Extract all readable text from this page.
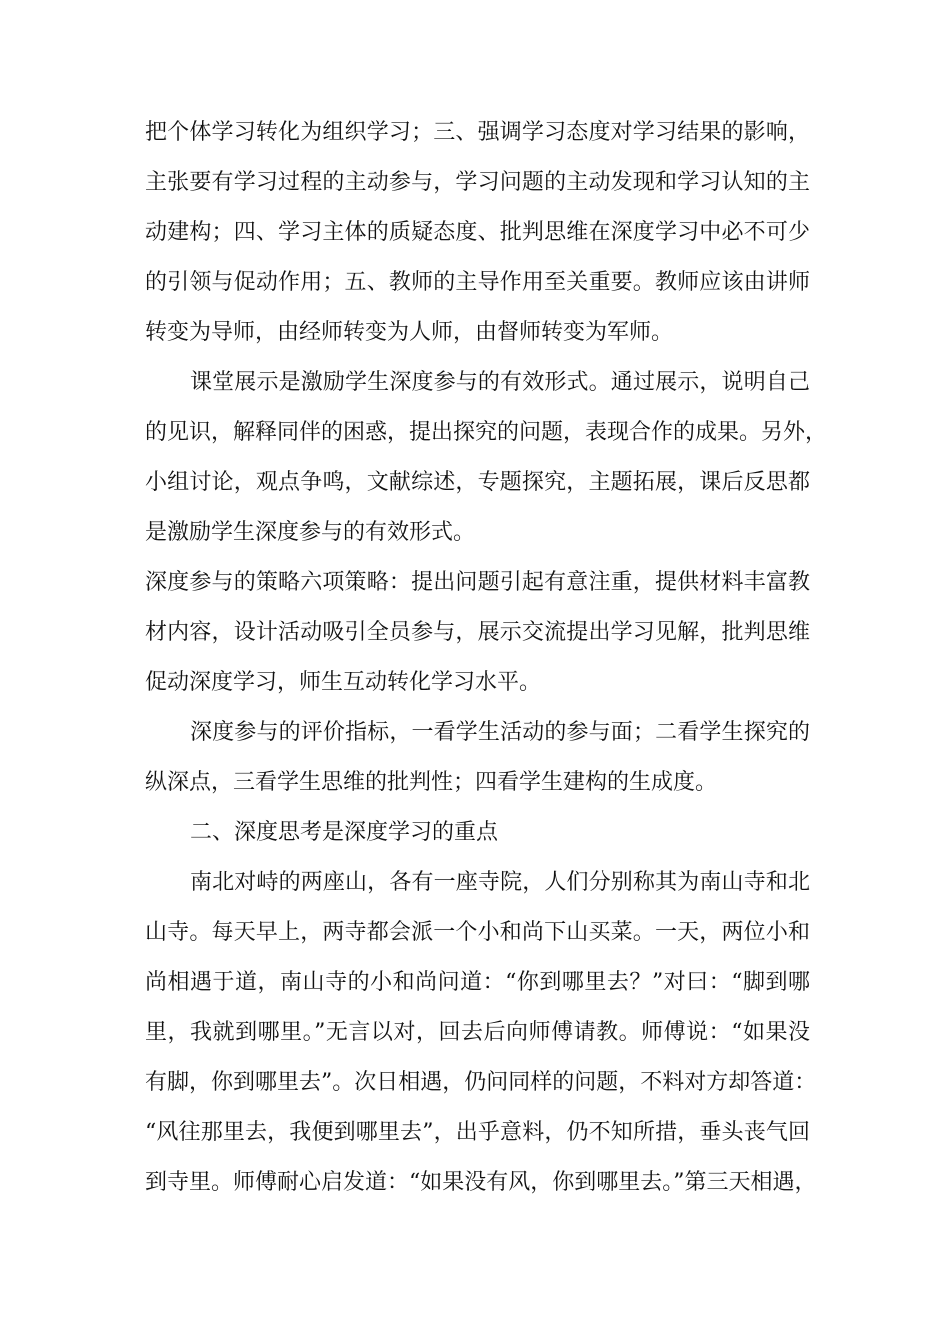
把个体学习转化为组织学习；三、强调学习态度对学习结果的影响，
主张要有学习过程的主动参与，学习问题的主动发现和学习认知的主
动建构；四、学习主体的质疑态度、批判思维在深度学习中必不可少
的引领与促动作用；五、教师的主导作用至关重要。教师应该由讲师
转变为导师，由经师转变为人师，由督师转变为军师。
课堂展示是激励学生深度参与的有效形式。通过展示，说明自己
的见识，解释同伴的困惑，提出探究的问题，表现合作的成果。另外，
小组讨论，观点争鸣，文献综述，专题探究，主题拓展，课后反思都
是激励学生深度参与的有效形式。
深度参与的策略六项策略：提出问题引起有意注重，提供材料丰富教
材内容，设计活动吸引全员参与，展示交流提出学习见解，批判思维
促动深度学习，师生互动转化学习水平。
深度参与的评价指标，一看学生活动的参与面；二看学生探究的
纵深点，三看学生思维的批判性；四看学生建构的生成度。
二、深度思考是深度学习的重点
南北对峙的两座山，各有一座寺院，人们分别称其为南山寺和北
山寺。每天早上，两寺都会派一个小和尚下山买菜。一天，两位小和
尚相遇于道，南山寺的小和尚问道：“你到哪里去？”对曰：“脚到哪
里，我就到哪里。”无言以对，回去后向师傅请教。师傅说：“如果没
有脚，你到哪里去”。次日相遇，仍问同样的问题，不料对方却答道：
“风往那里去，我便到哪里去”，出乎意料，仍不知所措，垂头丧气回
到寺里。师傅耐心启发道：“如果没有风，你到哪里去。”第三天相遇，
